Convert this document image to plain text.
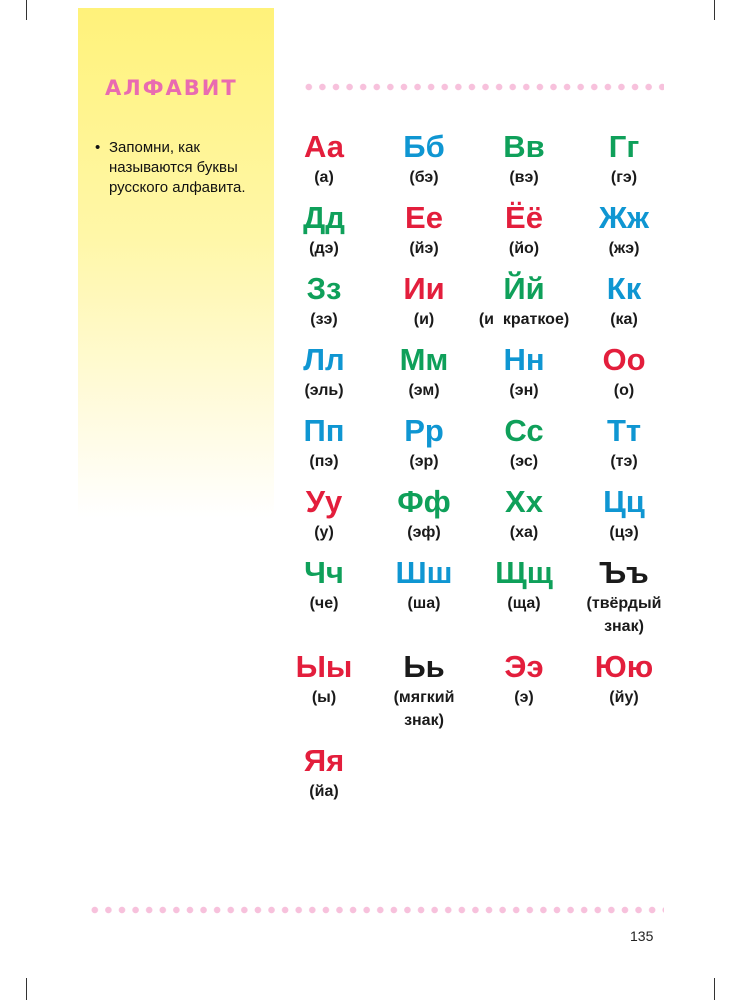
АЛФАВИТ
• Запомни, как называются буквы русского алфавита.
Аа
(а)
Бб
(бэ)
Вв
(вэ)
Гг
(гэ)
Дд
(дэ)
Ее
(йэ)
Ёё
(йо)
Жж
(жэ)
Зз
(зэ)
Ии
(и)
Йй
(и  краткое)
Кк
(ка)
Лл
(эль)
Мм
(эм)
Нн
(эн)
Оо
(о)
Пп
(пэ)
Рр
(эр)
Сс
(эс)
Тт
(тэ)
Уу
(у)
Фф
(эф)
Хх
(ха)
Цц
(цэ)
Чч
(че)
Шш
(ша)
Щщ
(ща)
Ъъ
(твёрдый знак)
Ыы
(ы)
Ьь
(мягкий знак)
Ээ
(э)
Юю
(йу)
Яя
(йа)
135
